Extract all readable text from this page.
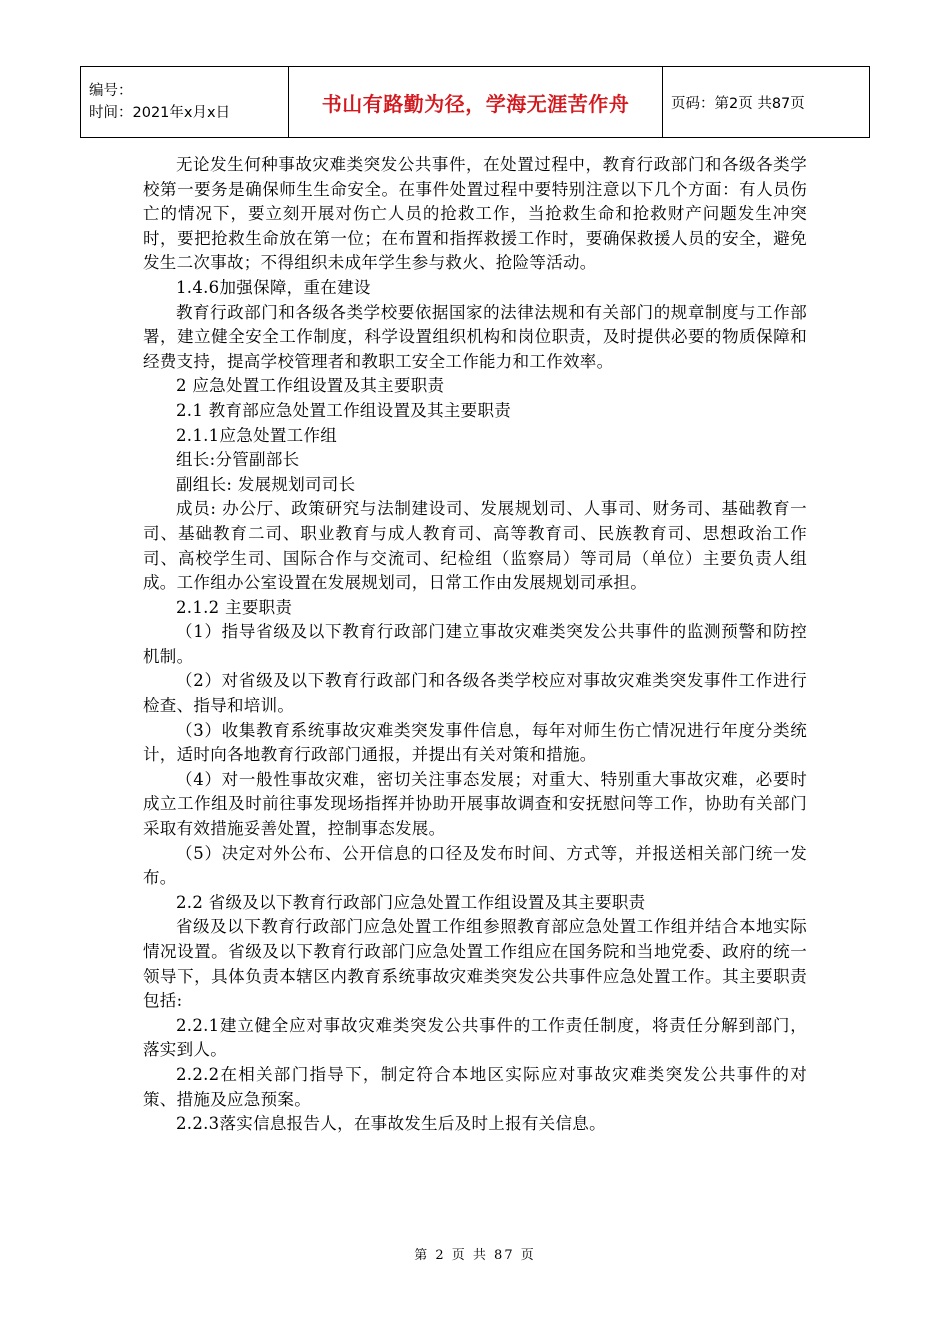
编号：
时间：2021年x月x日	书山有路勤为径，学海无涯苦作舟	页码：第2页 共87页

无论发生何种事故灾难类突发公共事件，在处置过程中，教育行政部门和各级各类学校第一要务是确保师生生命安全。在事件处置过程中要特别注意以下几个方面：有人员伤亡的情况下，要立刻开展对伤亡人员的抢救工作，当抢救生命和抢救财产问题发生冲突时，要把抢救生命放在第一位；在布置和指挥救援工作时，要确保救援人员的安全，避免发生二次事故；不得组织未成年学生参与救火、抢险等活动。

1.4.6加强保障，重在建设

教育行政部门和各级各类学校要依据国家的法律法规和有关部门的规章制度与工作部署，建立健全安全工作制度，科学设置组织机构和岗位职责，及时提供必要的物质保障和经费支持，提高学校管理者和教职工安全工作能力和工作效率。

2 应急处置工作组设置及其主要职责

2.1 教育部应急处置工作组设置及其主要职责

2.1.1应急处置工作组

组长:分管副部长

副组长: 发展规划司司长

成员: 办公厅、政策研究与法制建设司、发展规划司、人事司、财务司、基础教育一司、基础教育二司、职业教育与成人教育司、高等教育司、民族教育司、思想政治工作司、高校学生司、国际合作与交流司、纪检组（监察局）等司局（单位）主要负责人组成。工作组办公室设置在发展规划司，日常工作由发展规划司承担。

2.1.2 主要职责

（1）指导省级及以下教育行政部门建立事故灾难类突发公共事件的监测预警和防控机制。

（2）对省级及以下教育行政部门和各级各类学校应对事故灾难类突发事件工作进行检查、指导和培训。

（3）收集教育系统事故灾难类突发事件信息，每年对师生伤亡情况进行年度分类统计，适时向各地教育行政部门通报，并提出有关对策和措施。

（4）对一般性事故灾难，密切关注事态发展；对重大、特别重大事故灾难，必要时成立工作组及时前往事发现场指挥并协助开展事故调查和安抚慰问等工作，协助有关部门采取有效措施妥善处置，控制事态发展。

（5）决定对外公布、公开信息的口径及发布时间、方式等，并报送相关部门统一发布。

2.2 省级及以下教育行政部门应急处置工作组设置及其主要职责

省级及以下教育行政部门应急处置工作组参照教育部应急处置工作组并结合本地实际情况设置。省级及以下教育行政部门应急处置工作组应在国务院和当地党委、政府的统一领导下，具体负责本辖区内教育系统事故灾难类突发公共事件应急处置工作。其主要职责包括:

2.2.1建立健全应对事故灾难类突发公共事件的工作责任制度，将责任分解到部门，落实到人。

2.2.2在相关部门指导下，制定符合本地区实际应对事故灾难类突发公共事件的对策、措施及应急预案。

2.2.3落实信息报告人，在事故发生后及时上报有关信息。

第 2 页 共 87 页
